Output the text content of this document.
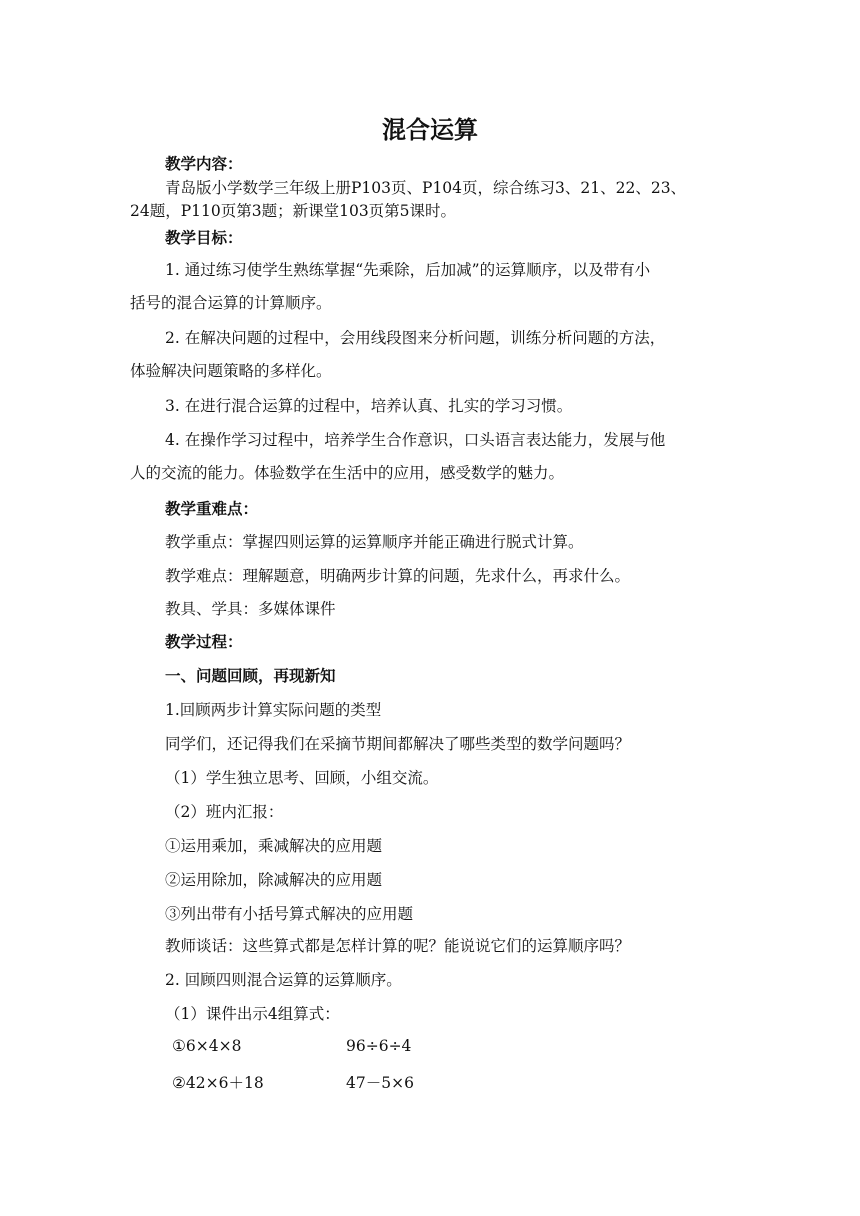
混合运算
教学内容：
青岛版小学数学三年级上册P103页、P104页，综合练习3、21、22、23、
24题，P110页第3题；新课堂103页第5课时。
教学目标：
1. 通过练习使学生熟练掌握“先乘除，后加减”的运算顺序，以及带有小
括号的混合运算的计算顺序。
2. 在解决问题的过程中，会用线段图来分析问题，训练分析问题的方法，
体验解决问题策略的多样化。
3. 在进行混合运算的过程中，培养认真、扎实的学习习惯。
4. 在操作学习过程中，培养学生合作意识，口头语言表达能力，发展与他
人的交流的能力。体验数学在生活中的应用，感受数学的魅力。
教学重难点：
教学重点：掌握四则运算的运算顺序并能正确进行脱式计算。
教学难点：理解题意，明确两步计算的问题，先求什么，再求什么。
教具、学具：多媒体课件
教学过程：
一、问题回顾，再现新知
1.回顾两步计算实际问题的类型
同学们，还记得我们在采摘节期间都解决了哪些类型的数学问题吗？
（1）学生独立思考、回顾，小组交流。
（2）班内汇报：
①运用乘加，乘减解决的应用题
②运用除加，除减解决的应用题
③列出带有小括号算式解决的应用题
教师谈话：这些算式都是怎样计算的呢？能说说它们的运算顺序吗？
2. 回顾四则混合运算的运算顺序。
（1）课件出示4组算式：
①6×4×8	96÷6÷4
②42×6＋18	47－5×6
